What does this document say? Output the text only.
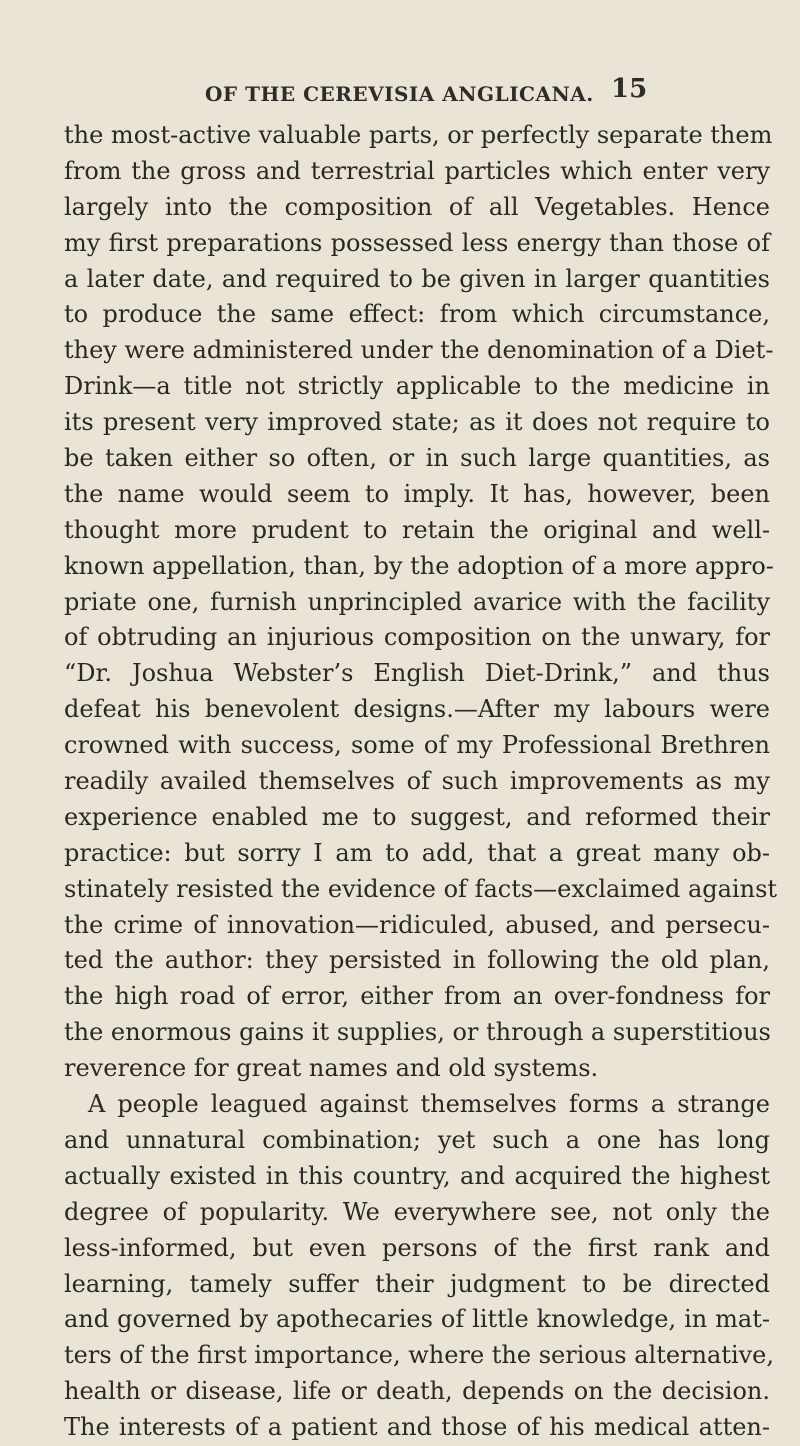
OF THE CEREVISIA ANGLICANA. 15
the most-active valuable parts, or perfectly separate them
from the gross and terrestrial particles which enter very
largely into the composition of all Vegetables. Hence
my first preparations possessed less energy than those of
a later date, and required to be given in larger quantities
to produce the same effect: from which circumstance,
they were administered under the denomination of a Diet-
Drink—a title not strictly applicable to the medicine in
its present very improved state; as it does not require to
be taken either so often, or in such large quantities, as
the name would seem to imply. It has, however, been
thought more prudent to retain the original and well-
known appellation, than, by the adoption of a more appro-
priate one, furnish unprincipled avarice with the facility
of obtruding an injurious composition on the unwary, for
“Dr. Joshua Webster’s English Diet-Drink,” and thus
defeat his benevolent designs.—After my labours were
crowned with success, some of my Professional Brethren
readily availed themselves of such improvements as my
experience enabled me to suggest, and reformed their
practice: but sorry I am to add, that a great many ob-
stinately resisted the evidence of facts—exclaimed against
the crime of innovation—ridiculed, abused, and persecu-
ted the author: they persisted in following the old plan,
the high road of error, either from an over-fondness for
the enormous gains it supplies, or through a superstitious
reverence for great names and old systems.
A people leagued against themselves forms a strange
and unnatural combination; yet such a one has long
actually existed in this country, and acquired the highest
degree of popularity. We everywhere see, not only the
less-informed, but even persons of the first rank and
learning, tamely suffer their judgment to be directed
and governed by apothecaries of little knowledge, in mat-
ters of the first importance, where the serious alternative,
health or disease, life or death, depends on the decision.
The interests of a patient and those of his medical atten-
